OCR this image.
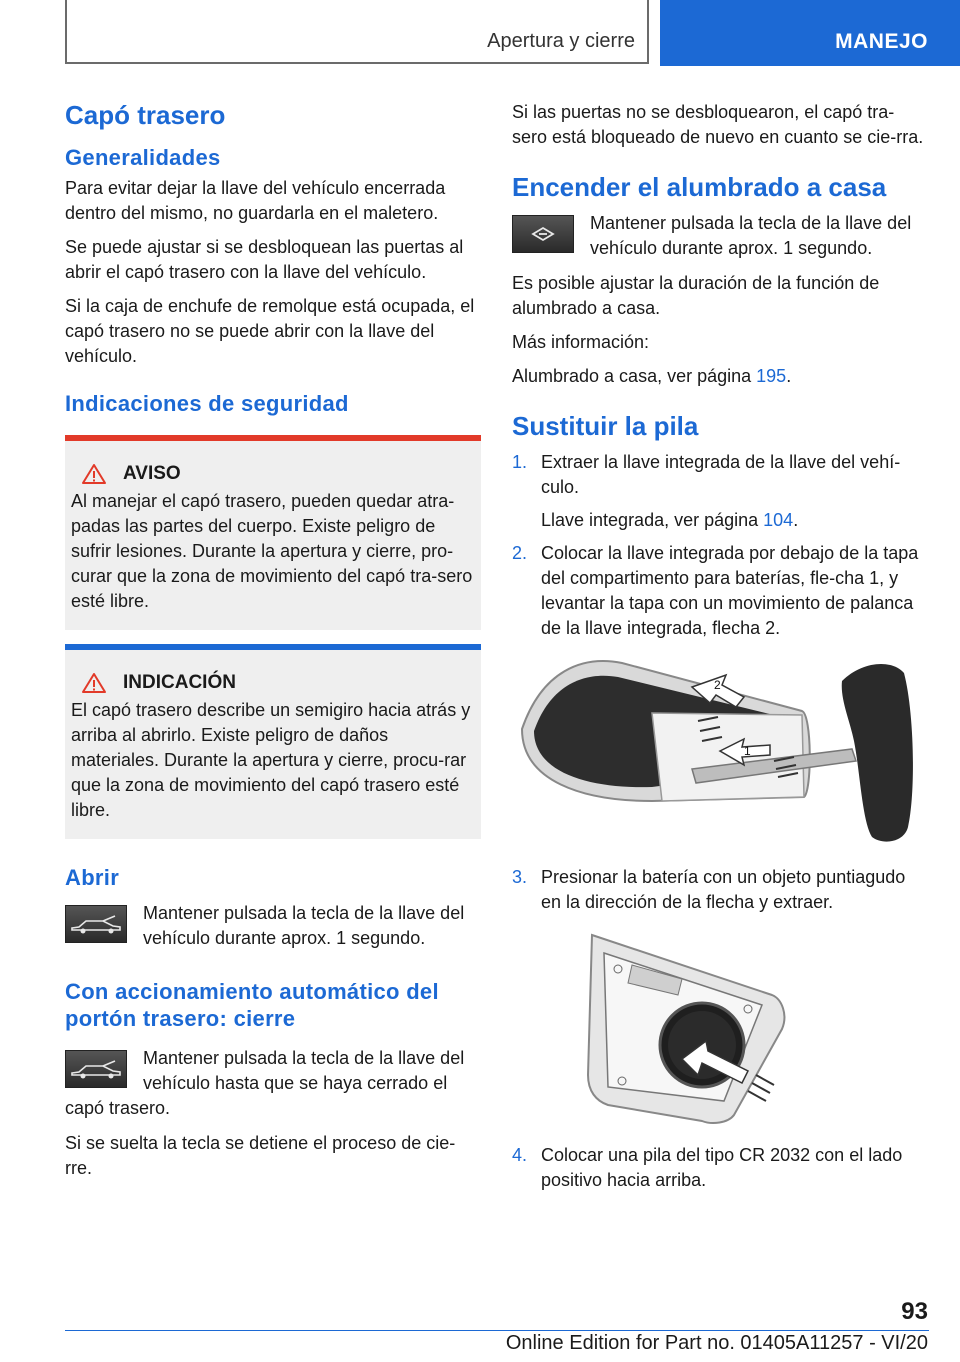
Apertura y cierre	MANEJO
Capó trasero
Generalidades

Para evitar dejar la llave del vehículo encerrada dentro del mismo, no guardarla en el maletero.

Se puede ajustar si se desbloquean las puertas al abrir el capó trasero con la llave del vehículo.

Si la caja de enchufe de remolque está ocupada, el capó trasero no se puede abrir con la llave del vehículo.

Indicaciones de seguridad
AVISO

Al manejar el capó trasero, pueden quedar atra-padas las partes del cuerpo. Existe peligro de sufrir lesiones. Durante la apertura y cierre, pro-curar que la zona de movimiento del capó tra-sero esté libre.

INDICACIÓN

El capó trasero describe un semigiro hacia atrás y arriba al abrirlo. Existe peligro de daños materiales. Durante la apertura y cierre, procu-rar que la zona de movimiento del capó trasero esté libre.

Abrir

Mantener pulsada la tecla de la llave del vehículo durante aprox. 1 segundo.

Con accionamiento automático del portón trasero: cierre

Mantener pulsada la tecla de la llave del vehículo hasta que se haya cerrado el capó trasero.

Si se suelta la tecla se detiene el proceso de cie-rre.

Si las puertas no se desbloquearon, el capó tra-sero está bloqueado de nuevo en cuanto se cie-rra.

Encender el alumbrado a casa

Mantener pulsada la tecla de la llave del vehículo durante aprox. 1 segundo.

Es posible ajustar la duración de la función de alumbrado a casa.

Más información:

Alumbrado a casa, ver página 195.

Sustituir la pila
1. Extraer la llave integrada de la llave del vehí-culo.
Llave integrada, ver página 104.
2. Colocar la llave integrada por debajo de la tapa del compartimento para baterías, fle-cha 1, y levantar la tapa con un movimiento de palanca de la llave integrada, flecha 2.
2
1
3. Presionar la batería con un objeto puntiagudo en la dirección de la flecha y extraer.
4. Colocar una pila del tipo CR 2032 con el lado positivo hacia arriba.
93
Online Edition for Part no. 01405A11257 - VI/20
